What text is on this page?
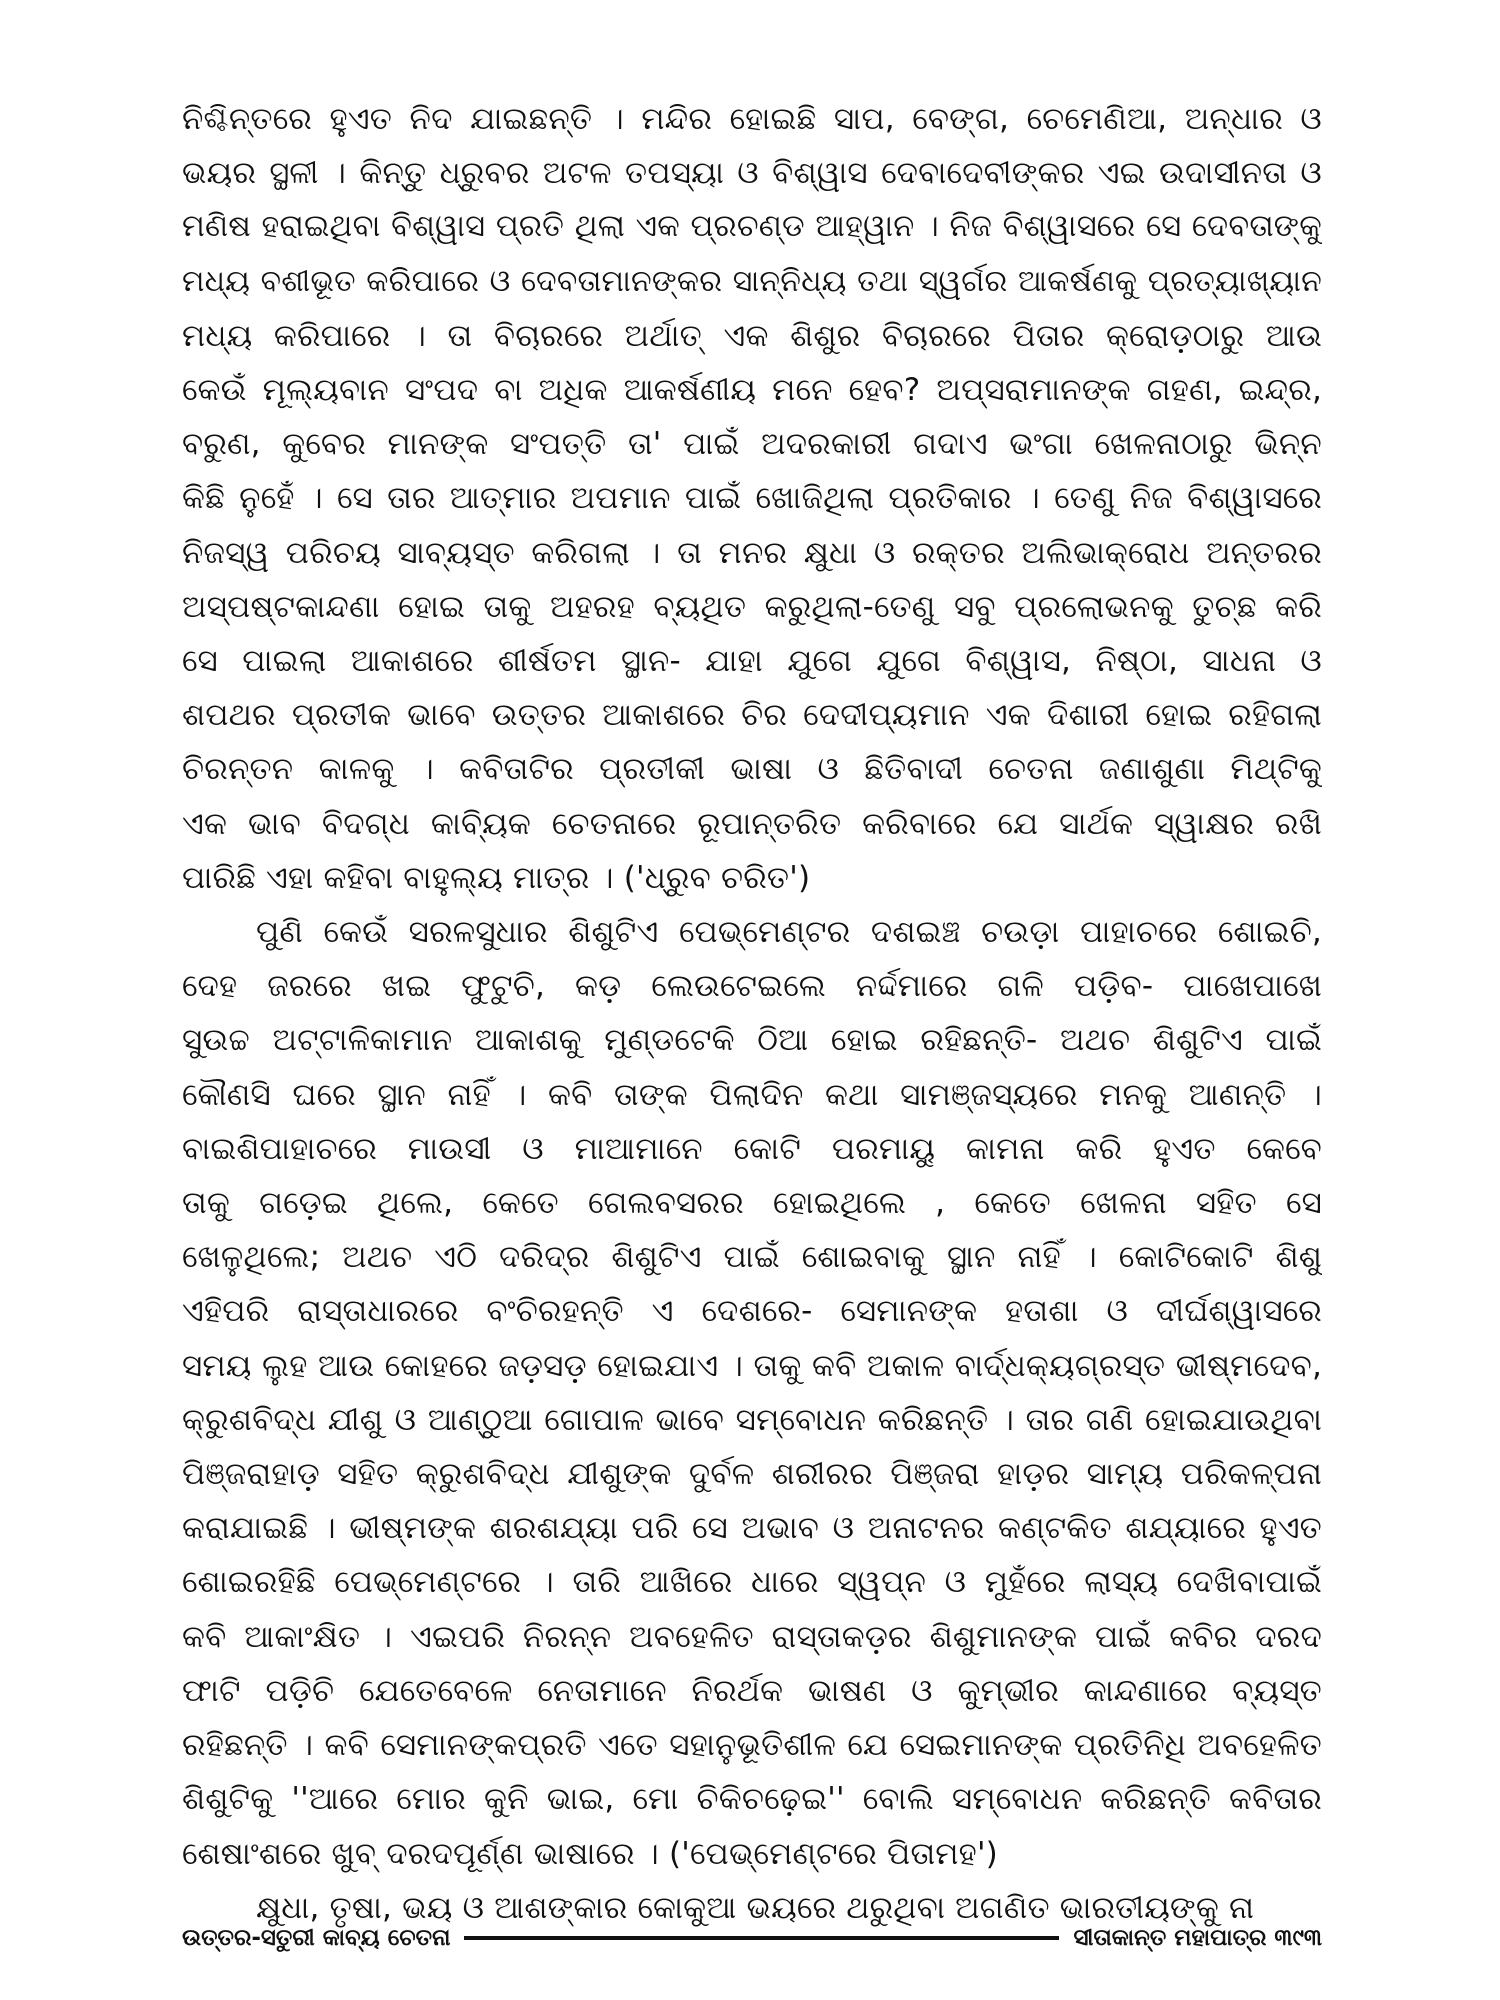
ନିଶ୍ଚିନ୍ତରେ ହୁଏତ ନିଦ ଯାଇଛନ୍ତି । ମନ୍ଦିର ହୋଇଛି ସାପ, ବେଙ୍ଗ, ଚେମେଣିଆ, ଅନ୍ଧାର ଓ

ଭୟର ସ୍ଥଳୀ । କିନ୍ତୁ ଧ୍ରୁବର ଅଟଳ ତପସ୍ୟା ଓ ବିଶ୍ୱାସ ଦେବାଦେବୀଙ୍କର ଏଇ ଉଦାସୀନତା ଓ

ମଣିଷ ହରାଇଥିବା ବିଶ୍ୱାସ ପ୍ରତି ଥିଲା ଏକ ପ୍ରଚଣ୍ଡ ଆହ୍ୱାନ । ନିଜ ବିଶ୍ୱାସରେ ସେ ଦେବତାଙ୍କୁ

ମଧ୍ୟ ବଶୀଭୂତ କରିପାରେ ଓ ଦେବତାମାନଙ୍କର ସାନ୍ନିଧ୍ୟ ତଥା ସ୍ୱର୍ଗର ଆକର୍ଷଣକୁ ପ୍ରତ୍ୟାଖ୍ୟାନ

ମଧ୍ୟ କରିପାରେ । ତା ବିଚାରରେ ଅର୍ଥାତ୍ ଏକ ଶିଶୁର ବିଚାରରେ ପିତାର କ୍ରୋଡ଼ଠାରୁ ଆଉ

କେଉଁ ମୂଲ୍ୟବାନ ସଂପଦ ବା ଅଧିକ ଆକର୍ଷଣୀୟ ମନେ ହେବ? ଅପ୍ସରାମାନଙ୍କ ଗହଣ, ଇନ୍ଦ୍ର,

ବରୁଣ, କୁବେର ମାନଙ୍କ ସଂପତ୍ତି ତା' ପାଇଁ ଅଦରକାରୀ ଗଦାଏ ଭଂଗା ଖେଳନାଠାରୁ ଭିନ୍ନ

କିଛି ନୁହେଁ । ସେ ତାର ଆତ୍ମାର ଅପମାନ ପାଇଁ ଖୋଜିଥିଲା ପ୍ରତିକାର । ତେଣୁ ନିଜ ବିଶ୍ୱାସରେ

ନିଜସ୍ୱ ପରିଚୟ ସାବ୍ୟସ୍ତ କରିଗଲା । ତା ମନର କ୍ଷୁଧା ଓ ରକ୍ତର ଅଲିଭାକ୍ରୋଧ ଅନ୍ତରର

ଅସ୍ପଷ୍ଟକାନ୍ଦଣା ହୋଇ ତାକୁ ଅହରହ ବ୍ୟଥିତ କରୁଥିଲା-ତେଣୁ ସବୁ ପ୍ରଲୋଭନକୁ ତୁଚ୍ଛ କରି

ସେ ପାଇଲା ଆକାଶରେ ଶୀର୍ଷତମ ସ୍ଥାନ- ଯାହା ଯୁଗେ ଯୁଗେ ବିଶ୍ୱାସ, ନିଷ୍ଠା, ସାଧନା ଓ

ଶପଥର ପ୍ରତୀକ ଭାବେ ଉତ୍ତର ଆକାଶରେ ଚିର ଦେଦୀପ୍ୟମାନ ଏକ ଦିଶାରୀ ହୋଇ ରହିଗଲା

ଚିରନ୍ତନ କାଳକୁ । କବିତାଟିର ପ୍ରତୀକୀ ଭାଷା ଓ ଛିତିବାଦୀ ଚେତନା ଜଣାଶୁଣା ମିଥ୍‌ଟିକୁ

ଏକ ଭାବ ବିଦଗ୍ଧ କାବ୍ୟିକ ଚେତନାରେ ରୂପାନ୍ତରିତ କରିବାରେ ଯେ ସାର୍ଥକ ସ୍ୱାକ୍ଷର ରଖି

ପାରିଛି ଏହା କହିବା ବାହୁଲ୍ୟ ମାତ୍ର । ('ଧ୍ରୁବ ଚରିତ')

ପୁଣି କେଉଁ ସରଳସୁଧାର ଶିଶୁଟିଏ ପେଭ୍‌ମେଣ୍ଟର ଦଶଇଞ୍ଚ ଚଉଡ଼ା ପାହାଚରେ ଶୋଇଚି,

ଦେହ ଜରରେ ଖଇ ଫୁଟୁଚି, କଡ଼ ଲେଉଟେଇଲେ ନର୍ଦ୍ଦମାରେ ଗଳି ପଡ଼ିବ- ପାଖେପାଖେ

ସୁଉଚ୍ଚ ଅଟ୍ଟାଳିକାମାନ ଆକାଶକୁ ମୁଣ୍ଡଟେକି ଠିଆ ହୋଇ ରହିଛନ୍ତି- ଅଥଚ ଶିଶୁଟିଏ ପାଇଁ

କୌଣସି ଘରେ ସ୍ଥାନ ନାହିଁ । କବି ତାଙ୍କ ପିଲାଦିନ କଥା ସାମଞ୍ଜସ୍ୟରେ ମନକୁ ଆଣନ୍ତି ।

ବାଇଶିପାହାଚରେ ମାଉସୀ ଓ ମାଆମାନେ କୋଟି ପରମାୟୁ କାମନା କରି ହୁଏତ କେବେ

ତାକୁ ଗଡ଼େଇ ଥିଲେ, କେତେ ଗେଲବସରର ହୋଇଥିଲେ , କେତେ ଖେଳନା ସହିତ ସେ

ଖେଳୁଥିଲେ; ଅଥଚ ଏଠି ଦରିଦ୍ର ଶିଶୁଟିଏ ପାଇଁ ଶୋଇବାକୁ ସ୍ଥାନ ନାହିଁ । କୋଟିକୋଟି ଶିଶୁ

ଏହିପରି ରାସ୍ତାଧାରରେ ବଂଚିରହନ୍ତି ଏ ଦେଶରେ- ସେମାନଙ୍କ ହତାଶା ଓ ଦୀର୍ଘଶ୍ୱାସରେ

ସମୟ ଲୁହ ଆଉ କୋହରେ ଜଡ଼ସଡ଼ ହୋଇଯାଏ । ତାକୁ କବି ଅକାଳ ବାର୍ଦ୍ଧକ୍ୟଗ୍ରସ୍ତ ଭୀଷ୍ମଦେବ,

କ୍ରୁଶବିଦ୍ଧ ଯୀଶୁ ଓ ଆଣ୍ଠୁଆ ଗୋପାଳ ଭାବେ ସମ୍ବୋଧନ କରିଛନ୍ତି । ତାର ଗଣି ହୋଇଯାଉଥିବା

ପିଞ୍ଜରାହାଡ଼ ସହିତ କ୍ରୁଶବିଦ୍ଧ ଯୀଶୁଙ୍କ ଦୁର୍ବଳ ଶରୀରର ପିଞ୍ଜରା ହାଡ଼ର ସାମ୍ୟ ପରିକଳ୍ପନା

କରାଯାଇଛି । ଭୀଷ୍ମଙ୍କ ଶରଶଯ୍ୟା ପରି ସେ ଅଭାବ ଓ ଅନାଟନର କଣ୍ଟକିତ ଶଯ୍ୟାରେ ହୁଏତ

ଶୋଇରହିଛି ପେଭ୍‌ମେଣ୍ଟରେ । ତାରି ଆଖିରେ ଧାରେ ସ୍ୱପ୍ନ ଓ ମୁହଁରେ ଲାସ୍ୟ ଦେଖିବାପାଇଁ

କବି ଆକାଂକ୍ଷିତ । ଏଇପରି ନିରନ୍ନ ଅବହେଳିତ ରାସ୍ତାକଡ଼ର ଶିଶୁମାନଙ୍କ ପାଇଁ କବିର ଦରଦ

ଫାଟି ପଡ଼ିଚି ଯେତେବେଳେ ନେତାମାନେ ନିରର୍ଥକ ଭାଷଣ ଓ କୁମ୍ଭୀର କାନ୍ଦଣାରେ ବ୍ୟସ୍ତ

ରହିଛନ୍ତି । କବି ସେମାନଙ୍କପ୍ରତି ଏତେ ସହାନୁଭୂତିଶୀଳ ଯେ ସେଇମାନଙ୍କ ପ୍ରତିନିଧି ଅବହେଳିତ

ଶିଶୁଟିକୁ ''ଆରେ ମୋର କୁନି ଭାଇ, ମୋ ଚିକିଚଢ଼େଇ'' ବୋଲି ସମ୍ବୋଧନ କରିଛନ୍ତି କବିତାର

ଶେଷାଂଶରେ ଖୁବ୍ ଦରଦପୂର୍ଣ୍ଣ ଭାଷାରେ । ('ପେଭ୍‌ମେଣ୍ଟରେ ପିତାମହ')

କ୍ଷୁଧା, ତୃଷା, ଭୟ ଓ ଆଶଙ୍କାର କୋକୁଆ ଭୟରେ ଥରୁଥିବା ଅଗଣିତ ଭାରତୀୟଙ୍କୁ ନା

ଉତ୍ତର-ସତୁରୀ କାବ୍ୟ ଚେତନା	ସୀତାକାନ୍ତ ମହାପାତ୍ର ୩୯୩
